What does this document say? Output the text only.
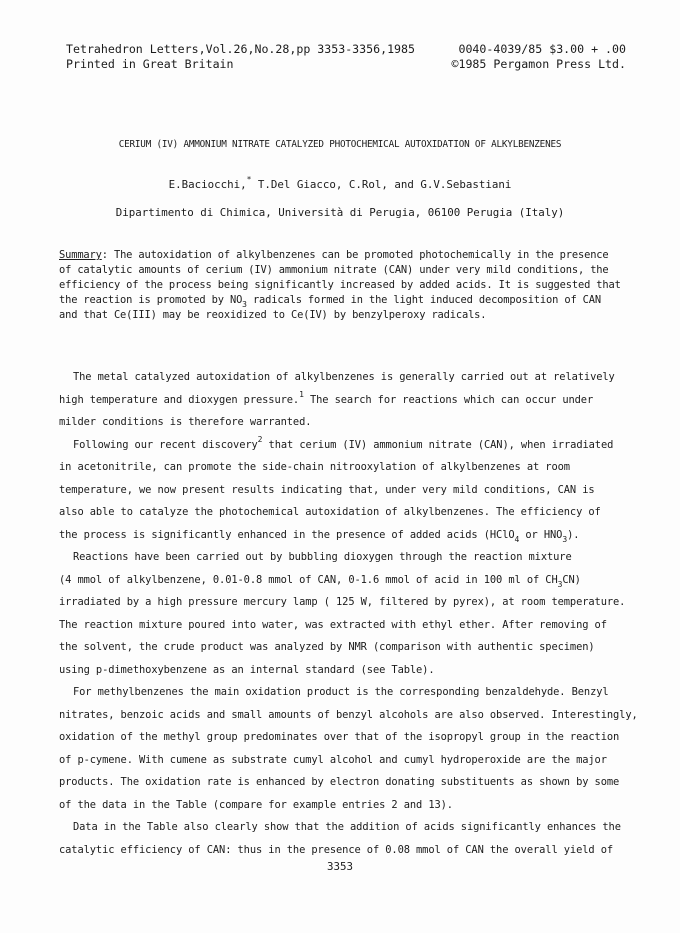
Tetrahedron Letters,Vol.26,No.28,pp 3353-3356,1985	0040-4039/85 $3.00 + .00
Printed in Great Britain	©1985 Pergamon Press Ltd.
CERIUM (IV) AMMONIUM NITRATE CATALYZED PHOTOCHEMICAL AUTOXIDATION OF ALKYLBENZENES
E.Baciocchi,* T.Del Giacco, C.Rol, and G.V.Sebastiani
Dipartimento di Chimica, Università di Perugia, 06100 Perugia (Italy)
Summary: The autoxidation of alkylbenzenes can be promoted photochemically in the presence
of catalytic amounts of cerium (IV) ammonium nitrate (CAN) under very mild conditions, the
efficiency of the process being significantly increased by added acids. It is suggested that
the reaction is promoted by $NO_3$ radicals formed in the light induced decomposition of CAN
and that Ce(III) may be reoxidized to Ce(IV) by benzylperoxy radicals.
The metal catalyzed autoxidation of alkylbenzenes is generally carried out at relatively
high temperature and dioxygen pressure.$^1$ The search for reactions which can occur under
milder conditions is therefore warranted.
Following our recent discovery$^2$ that cerium (IV) ammonium nitrate (CAN), when irradiated
in acetonitrile, can promote the side-chain nitrooxylation of alkylbenzenes at room
temperature, we now present results indicating that, under very mild conditions, CAN is
also able to catalyze the photochemical autoxidation of alkylbenzenes. The efficiency of
the process is significantly enhanced in the presence of added acids (HClO$_4$ or $HNO_3$).
Reactions have been carried out by bubbling dioxygen through the reaction mixture
(4 mmol of alkylbenzene, 0.01-0.8 mmol of CAN, 0-1.6 mmol of acid in 100 ml of $CH_3CN$)
irradiated by a high pressure mercury lamp ( 125 W, filtered by pyrex), at room temperature.
The reaction mixture poured into water, was extracted with ethyl ether. After removing of
the solvent, the crude product was analyzed by NMR (comparison with authentic specimen)
using p-dimethoxybenzene as an internal standard (see Table).
For methylbenzenes the main oxidation product is the corresponding benzaldehyde. Benzyl
nitrates, benzoic acids and small amounts of benzyl alcohols are also observed. Interestingly,
oxidation of the methyl group predominates over that of the isopropyl group in the reaction
of p-cymene. With cumene as substrate cumyl alcohol and cumyl hydroperoxide are the major
products. The oxidation rate is enhanced by electron donating substituents as shown by some
of the data in the Table (compare for example entries 2 and 13).
Data in the Table also clearly show that the addition of acids significantly enhances the
catalytic efficiency of CAN: thus in the presence of 0.08 mmol of CAN the overall yield of
3353
